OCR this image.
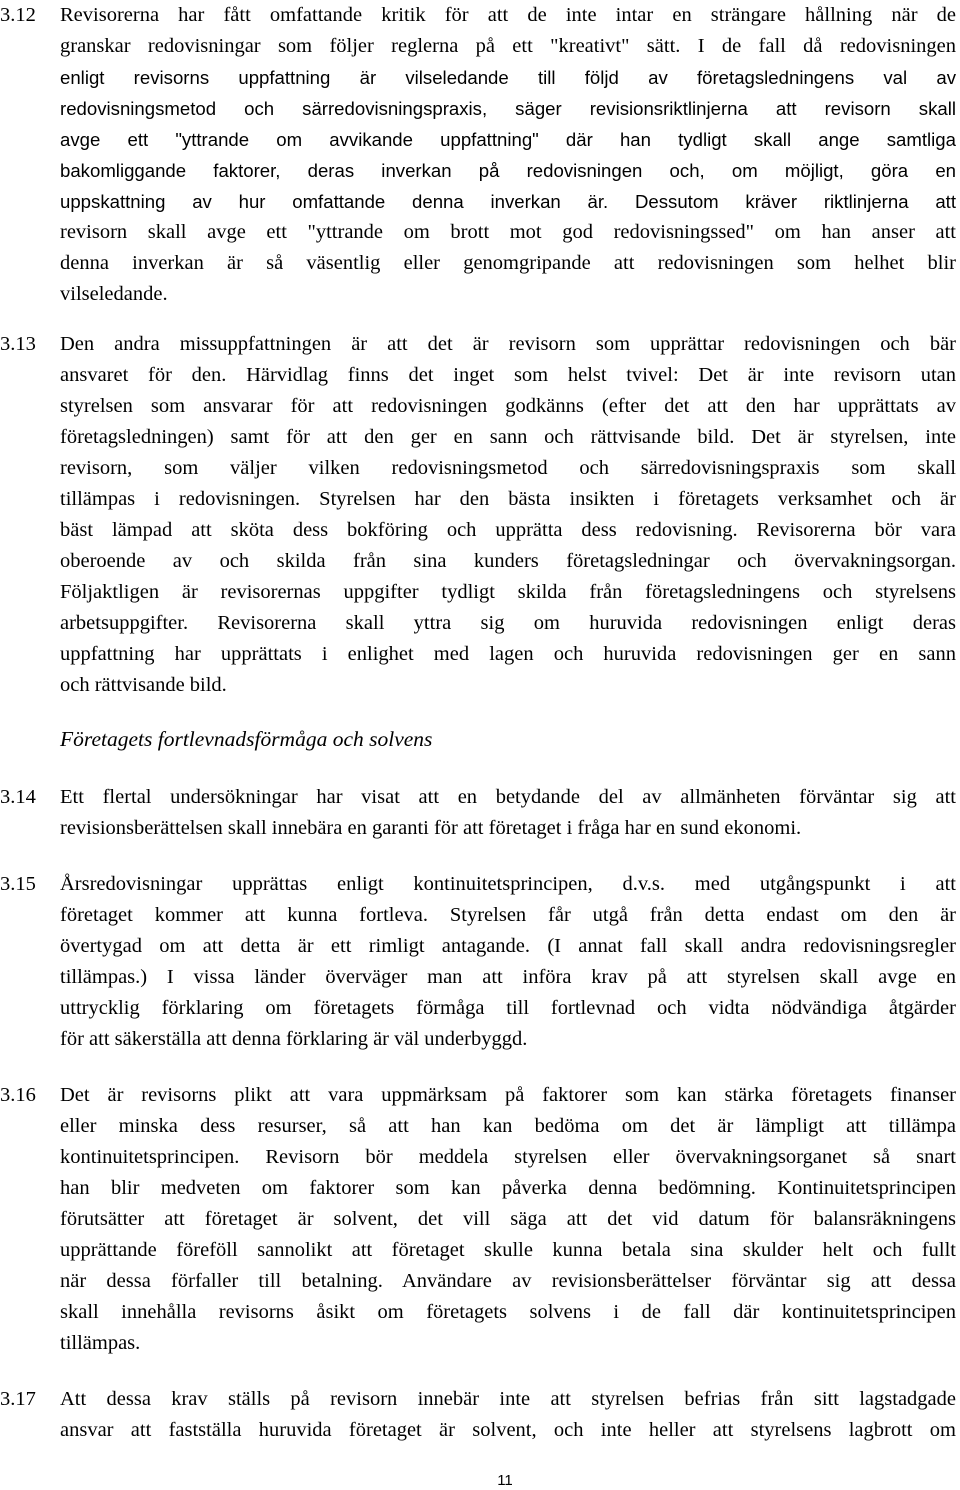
3.12	Revisorerna har fått omfattande kritik för att de inte intar en strängare hållning när de
granskar redovisningar som följer reglerna på ett "kreativt" sätt. I de fall då redovisningen
enligt revisorns uppfattning är vilseledande till följd av företagsledningens val av
redovisningsmetod och särredovisningspraxis, säger revisionsriktlinjerna att revisorn skall
avge ett "yttrande om avvikande uppfattning" där han tydligt skall ange samtliga
bakomliggande faktorer, deras inverkan på redovisningen och, om möjligt, göra en
uppskattning av hur omfattande denna inverkan är. Dessutom kräver riktlinjerna att
revisorn skall avge ett "yttrande om brott mot god redovisningssed" om han anser att
denna inverkan är så väsentlig eller genomgripande att redovisningen som helhet blir
vilseledande.
3.13	Den andra missuppfattningen är att det är revisorn som upprättar redovisningen och bär
ansvaret för den. Härvidlag finns det inget som helst tvivel: Det är inte revisorn utan
styrelsen som ansvarar för att redovisningen godkänns (efter det att den har upprättats av
företagsledningen) samt för att den ger en sann och rättvisande bild. Det är styrelsen, inte
revisorn, som väljer vilken redovisningsmetod och särredovisningspraxis som skall
tillämpas i redovisningen. Styrelsen har den bästa insikten i företagets verksamhet och är
bäst lämpad att sköta dess bokföring och upprätta dess redovisning. Revisorerna bör vara
oberoende av och skilda från sina kunders företagsledningar och övervakningsorgan.
Följaktligen är revisorernas uppgifter tydligt skilda från företagsledningens och styrelsens
arbetsuppgifter. Revisorerna skall yttra sig om huruvida redovisningen enligt deras
uppfattning har upprättats i enlighet med lagen och huruvida redovisningen ger en sann
och rättvisande bild.
Företagets fortlevnadsförmåga och solvens
3.14	Ett flertal undersökningar har visat att en betydande del av allmänheten förväntar sig att
revisionsberättelsen skall innebära en garanti för att företaget i fråga har en sund ekonomi.
3.15	Årsredovisningar upprättas enligt kontinuitetsprincipen, d.v.s. med utgångspunkt i att
företaget kommer att kunna fortleva. Styrelsen får utgå från detta endast om den är
övertygad om att detta är ett rimligt antagande. (I annat fall skall andra redovisningsregler
tillämpas.) I vissa länder överväger man att införa krav på att styrelsen skall avge en
uttrycklig förklaring om företagets förmåga till fortlevnad och vidta nödvändiga åtgärder
för att säkerställa att denna förklaring är väl underbyggd.
3.16	Det är revisorns plikt att vara uppmärksam på faktorer som kan stärka företagets finanser
eller minska dess resurser, så att han kan bedöma om det är lämpligt att tillämpa
kontinuitetsprincipen. Revisorn bör meddela styrelsen eller övervakningsorganet så snart
han blir medveten om faktorer som kan påverka denna bedömning. Kontinuitetsprincipen
förutsätter att företaget är solvent, det vill säga att det vid datum för balansräkningens
upprättande föreföll sannolikt att företaget skulle kunna betala sina skulder helt och fullt
när dessa förfaller till betalning. Användare av revisionsberättelser förväntar sig att dessa
skall innehålla revisorns åsikt om företagets solvens i de fall där kontinuitetsprincipen
tillämpas.
3.17	Att dessa krav ställs på revisorn innebär inte att styrelsen befrias från sitt lagstadgade
ansvar att fastställa huruvida företaget är solvent, och inte heller att styrelsens lagbrott om
11
